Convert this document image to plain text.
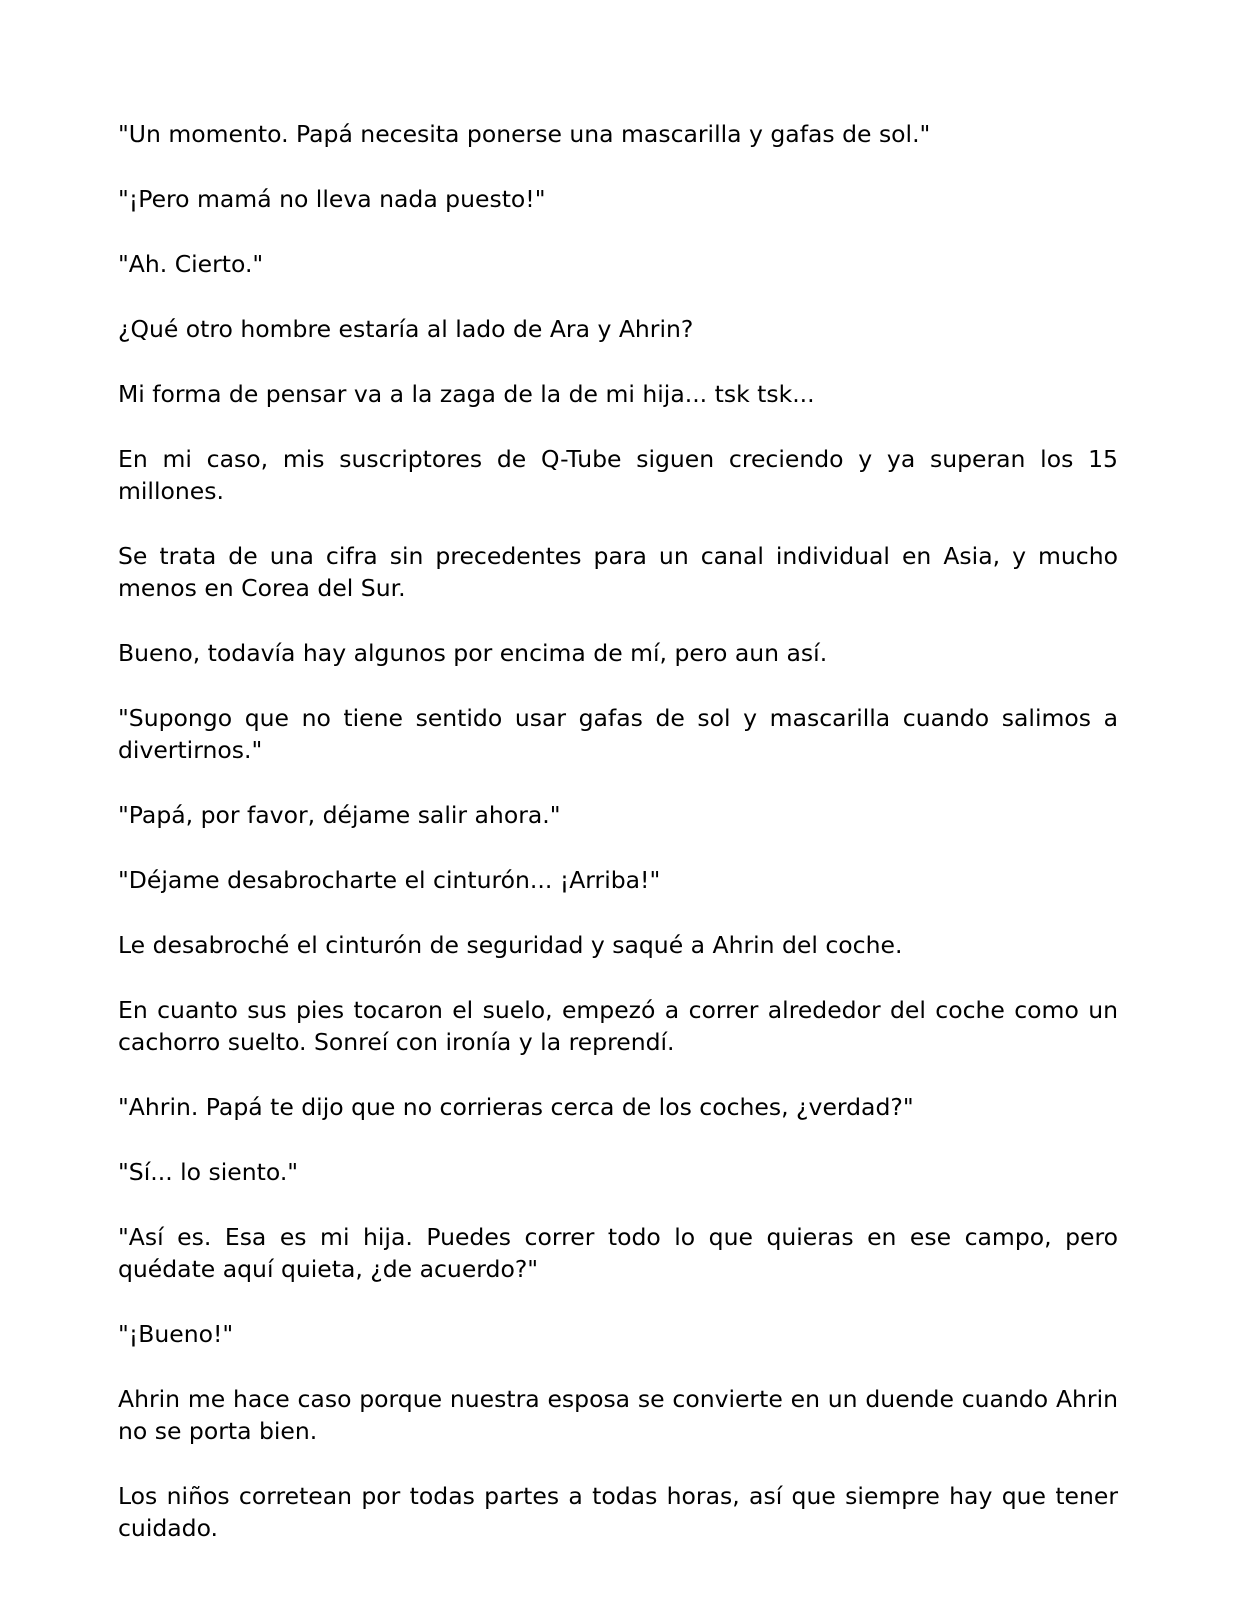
"Un momento. Papá necesita ponerse una mascarilla y gafas de sol."

"¡Pero mamá no lleva nada puesto!"

"Ah. Cierto."

¿Qué otro hombre estaría al lado de Ara y Ahrin?

Mi forma de pensar va a la zaga de la de mi hija... tsk tsk...

En mi caso, mis suscriptores de Q-Tube siguen creciendo y ya superan los 15 millones.

Se trata de una cifra sin precedentes para un canal individual en Asia, y mucho menos en Corea del Sur.

Bueno, todavía hay algunos por encima de mí, pero aun así.

"Supongo que no tiene sentido usar gafas de sol y mascarilla cuando salimos a divertirnos."

"Papá, por favor, déjame salir ahora."

"Déjame desabrocharte el cinturón... ¡Arriba!"

Le desabroché el cinturón de seguridad y saqué a Ahrin del coche.

En cuanto sus pies tocaron el suelo, empezó a correr alrededor del coche como un cachorro suelto. Sonreí con ironía y la reprendí.

"Ahrin. Papá te dijo que no corrieras cerca de los coches, ¿verdad?"

"Sí... lo siento."

"Así es. Esa es mi hija. Puedes correr todo lo que quieras en ese campo, pero quédate aquí quieta, ¿de acuerdo?"

"¡Bueno!"

Ahrin me hace caso porque nuestra esposa se convierte en un duende cuando Ahrin no se porta bien.

Los niños corretean por todas partes a todas horas, así que siempre hay que tener cuidado.
